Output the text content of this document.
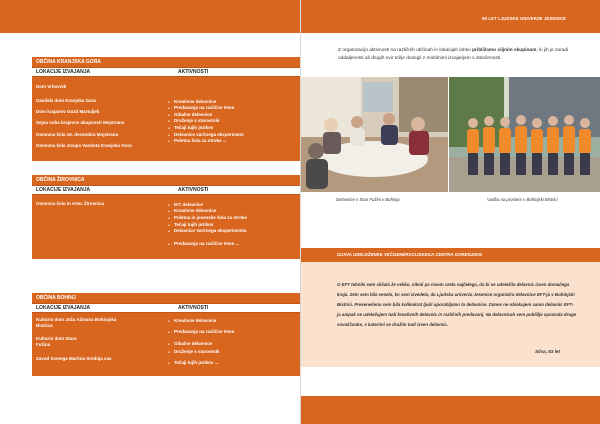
OBČINA KRANJSKA GORA
LOKACIJE IZVAJANJA	AKTIVNOSTI
Dom Vrhovnik
Gasilski dom Kranjska Gora
Dom krajanov Gozd Martuljek
Sejna soba krajevne skupnosti Mojstrana
Osnovna šola 16. decembra Mojstrana
Osnovna šola Josipa Vandota Kranjska Gora
● Kreativne delavnice
● Predavanja na različne teme
● Gibalne delavnice
● Druženje s starostnik
● Tečaji tujih jezikov
● Delavnice varčnega eksperiment
● Poletna šola za otroke ...
OBČINA ŽIROVNICA
LOKACIJE IZVAJANJA	AKTIVNOSTI
Osnovna šola in vrtec Žirovnica
●	IKT delavnice
● Kreativne delavnice
● Poletna in jesenske šola za otroke
● Tečaji tujih jezikov
● Delavnice Varčnega eksperimenta
● Predavanja na različne teme ...
OBČINA BOHINJ
LOKACIJE IZVAJANJA	AKTIVNOSTI
Kulturni dom Joža Ažmana Bohinjska
Bistrica
Kulturni dom Stara
Fužina
Zavod Svetega Martina Srednja vas
● Kreativne delavnice
● Predavanja na različne teme
● Gibalne delavnice
● Druženje s starostnik
● Tečaji tujih jezikov ...
60 LET LJUDSKE UNIVERZE JESENICE
Z organizacijo aktivnosti na različnih občinah in lokacijah lahko približamo ciljnim skupinam, ki jih je zaradi oddaljenosti ali drugih ovir težje dosegli z mobilnimi izvajanjem v določenosti.
Delavnice v Stari Fužini v Bohinju	Vadba na prostem v Bohinjski Bistrici
IZJAVA UDELEŽENKE VEČGENERACIJSKEGA CENTRA GORENJSKE
O EFT tehniki sem slišala že veliko, nikoli pa nisem vzela najčelega, da bi se udeležila delavnic izven domačega kraja. Zelo sem bila vesela, ko sem izvedela, da Ljudska univerza Jesenice organizira delavnice EFT-ja v Bohinjski Bistrici. Presenečena sem bila kolikokrat ljudi uporabljamo ta delavnice. Danes ne obiskujem samo delavnic EFT-ja ampak se udeležujem tudi kreativnih delavnic in različnih predavanj. Na delavnicah sem pobližje spoznala druge sovaščanke, s katerimi se družim tudi izven delavnic.
Silva, 63 let
